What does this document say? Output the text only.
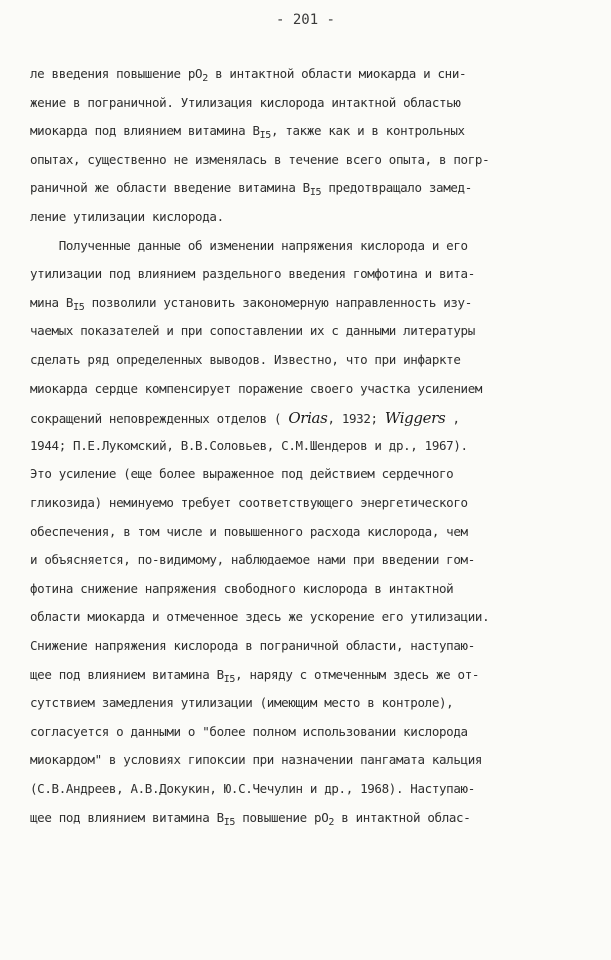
- 201 -
ле введения повышение $pO_2$ в интактной области миокарда и сни-
жение в пограничной. Утилизация кислорода интактной областью
миокарда под влиянием витамина $B_{I5}$, также как и в контрольных
опытах, существенно не изменялась в течение всего опыта, в погр-
раничной же области введение витамина $B_{I5}$ предотвращало замед-
ление утилизации кислорода.
Полученные данные об изменении напряжения кислорода и его
утилизации под влиянием раздельного введения гомфотина и вита-
мина $B_{I5}$ позволили установить закономерную направленность изу-
чаемых показателей и при сопоставлении их с данными литературы
сделать ряд определенных выводов. Известно, что при инфаркте
миокарда сердце компенсирует поражение своего участка усилением
сокращений неповрежденных отделов ( Orias, 1932; Wiggers ,
1944; П.Е.Лукомский, В.В.Соловьев, С.М.Шендеров и др., 1967).
Это усиление (еще более выраженное под действием сердечного
гликозида) неминуемо требует соответствующего энергетического
обеспечения, в том числе и повышенного расхода кислорода, чем
и объясняется, по-видимому, наблюдаемое нами при введении гом-
фотина снижение напряжения свободного кислорода в интактной
области миокарда и отмеченное здесь же ускорение его утилизации.
Снижение напряжения кислорода в пограничной области, наступаю-
щее под влиянием витамина $B_{I5}$, наряду с отмеченным здесь же от-
сутствием замедления утилизации (имеющим место в контроле),
согласуется о данными о "более полном использовании кислорода
миокардом" в условиях гипоксии при назначении пангамата кальция
(С.В.Андреев, А.В.Докукин, Ю.С.Чечулин и др., 1968). Наступаю-
щее под влиянием витамина $B_{I5}$ повышение $pO_2$ в интактной облас-
